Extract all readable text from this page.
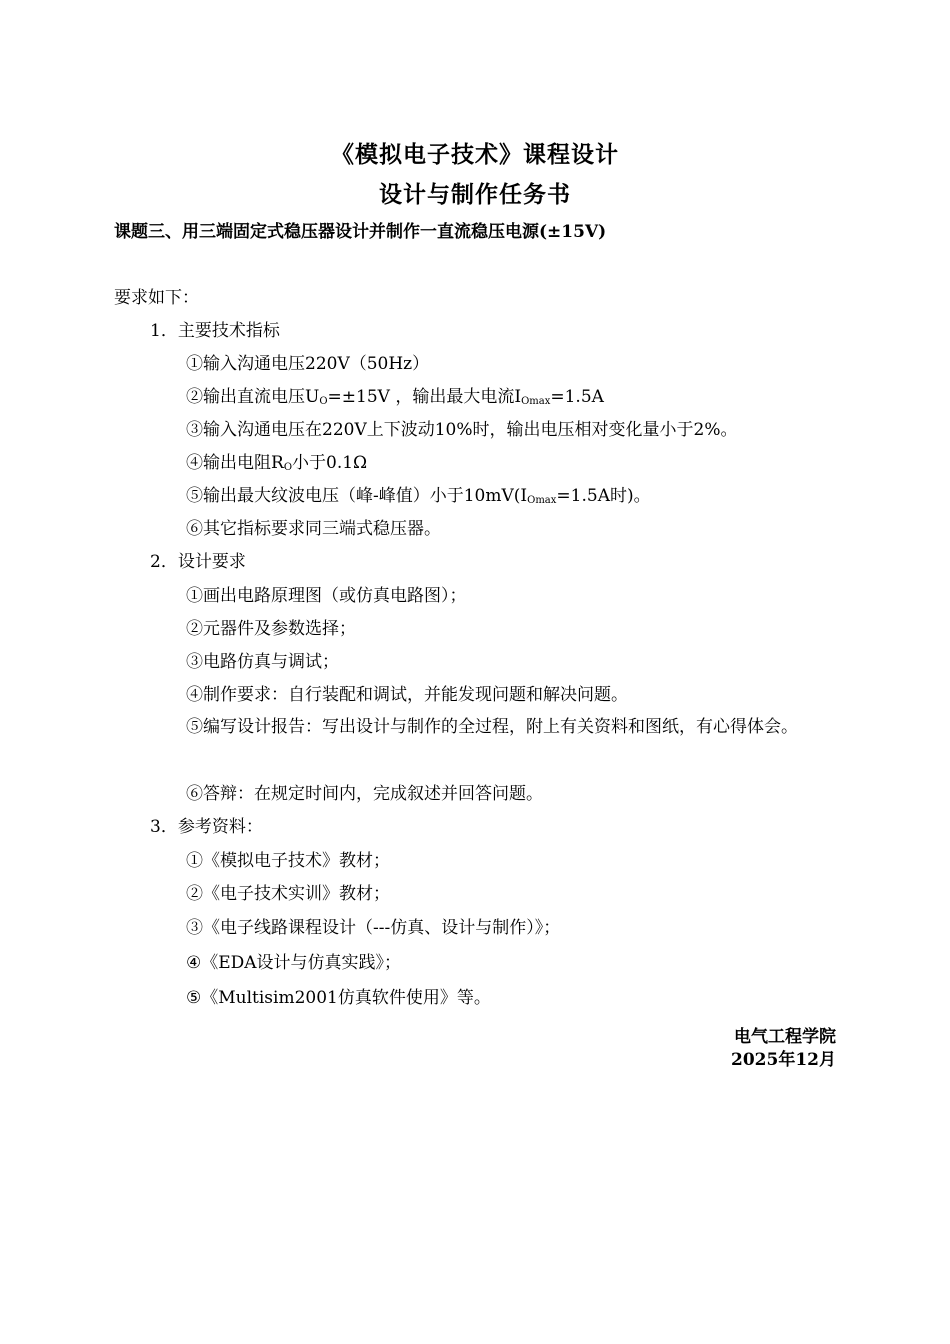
《模拟电子技术》课程设计
设计与制作任务书
课题三、用三端固定式稳压器设计并制作一直流稳压电源(±15V)
要求如下：
1．主要技术指标
①输入沟通电压220V（50Hz）
②输出直流电压$U_O=\pm 15V$ ，输出最大电流$I_{Omax}=1.5A$
③输入沟通电压在220V上下波动10%时，输出电压相对变化量小于2%。
④输出电阻$R_O$小于0.1Ω
⑤输出最大纹波电压（峰-峰值）小于$10mV(I_{Omax}=1.5A$时)。
⑥其它指标要求同三端式稳压器。
2．设计要求
①画出电路原理图（或仿真电路图）；
②元器件及参数选择；
③电路仿真与调试；
④制作要求：自行装配和调试，并能发现问题和解决问题。
⑤编写设计报告：写出设计与制作的全过程，附上有关资料和图纸，有心得体会。
⑥答辩：在规定时间内，完成叙述并回答问题。
3．参考资料：
①《模拟电子技术》教材；
②《电子技术实训》教材；
③《电子线路课程设计（---仿真、设计与制作）》；
④《EDA设计与仿真实践》；
⑤《Multisim2001仿真软件使用》等。
电气工程学院
2025年12月
